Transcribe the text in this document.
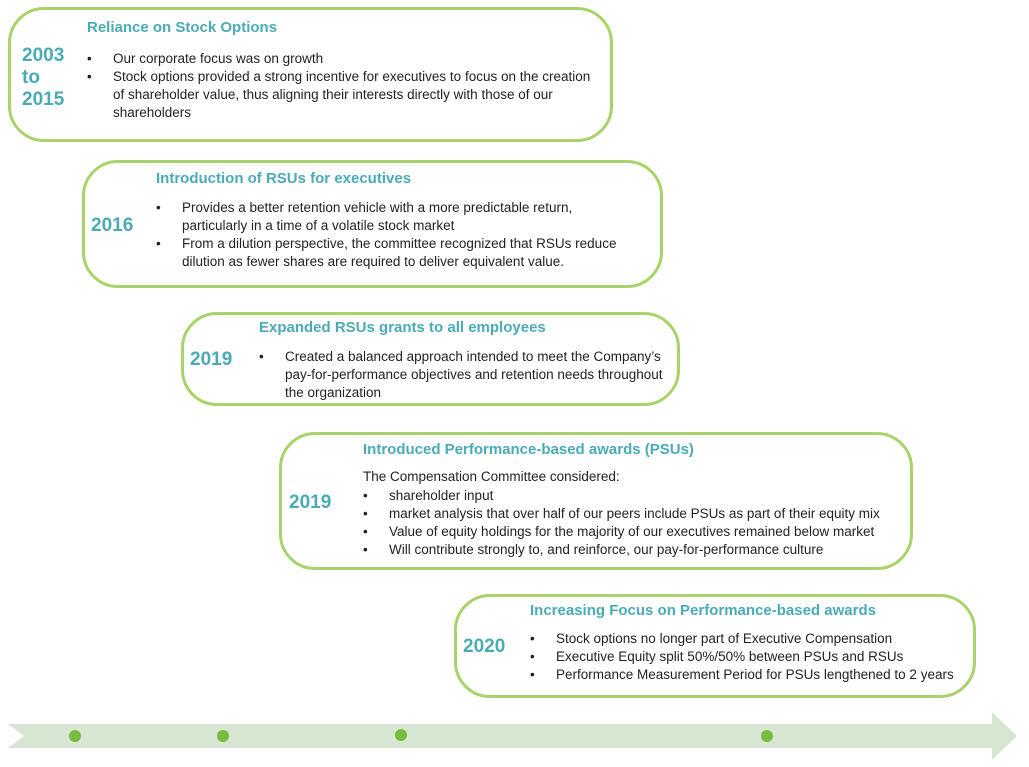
2003
to
2015
Reliance on Stock Options
• Our corporate focus was on growth
• Stock options provided a strong incentive for executives to focus on the creation of shareholder value, thus aligning their interests directly with those of our shareholders
2016
Introduction of RSUs for executives
• Provides a better retention vehicle with a more predictable return, particularly in a time of a volatile stock market
• From a dilution perspective, the committee recognized that RSUs reduce dilution as fewer shares are required to deliver equivalent value.
2019
Expanded RSUs grants to all employees
• Created a balanced approach intended to meet the Company’s pay-for-performance objectives and retention needs throughout the organization
2019
Introduced Performance-based awards (PSUs)
The Compensation Committee considered:
• shareholder input
• market analysis that over half of our peers include PSUs as part of their equity mix
• Value of equity holdings for the majority of our executives remained below market
• Will contribute strongly to, and reinforce, our pay-for-performance culture
2020
Increasing Focus on Performance-based awards
• Stock options no longer part of Executive Compensation
• Executive Equity split 50%/50% between PSUs and RSUs
• Performance Measurement Period for PSUs lengthened to 2 years
